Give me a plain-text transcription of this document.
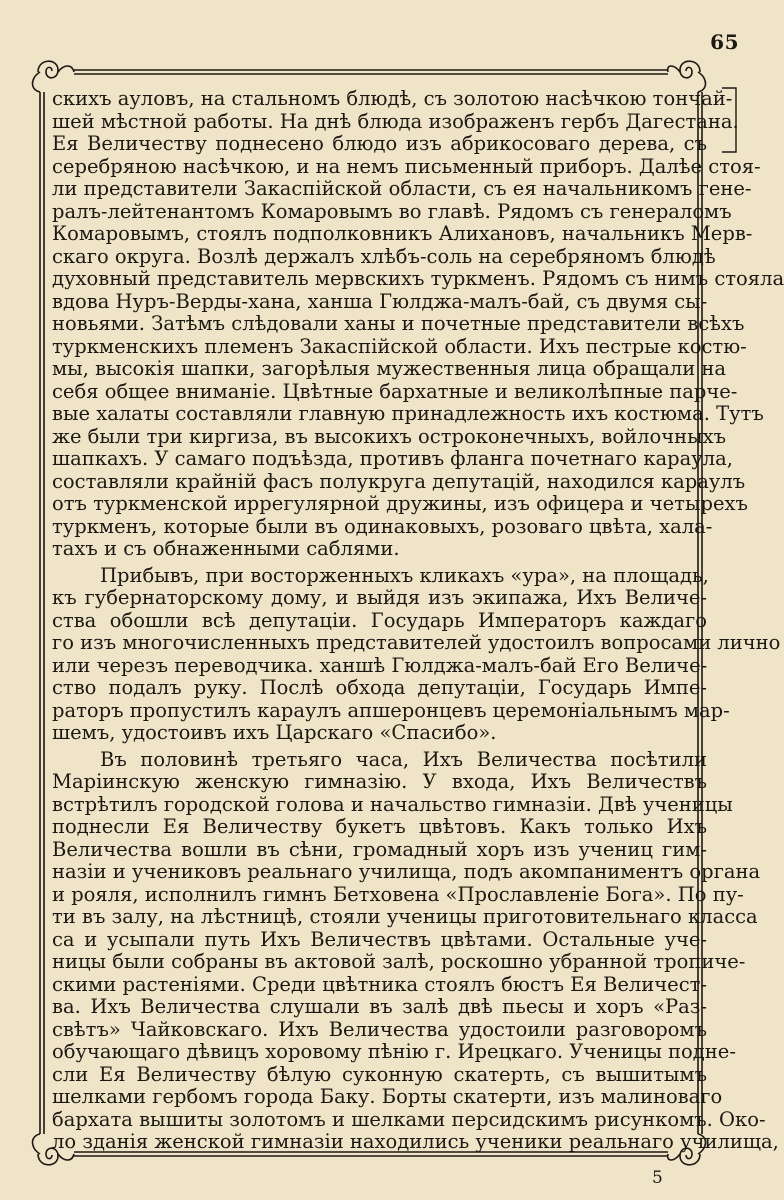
65

скихъ ауловъ, на стальномъ блюдѣ, съ золотою насѣчкою тончай-
шей мѣстной работы. На днѣ блюда изображенъ гербъ Дагестана.
Ея Величеству поднесено блюдо изъ абрикосоваго дерева, съ
серебряною насѣчкою, и на немъ письменный приборъ. Далѣе стоя-
ли представители Закаспійской области, съ ея начальникомъ гене-
ралъ-лейтенантомъ Комаровымъ во главѣ. Рядомъ съ генераломъ
Комаровымъ, стоялъ подполковникъ Алихановъ, начальникъ Мерв-
скаго округа. Возлѣ держалъ хлѣбъ-соль на серебряномъ блюдѣ
духовный представитель мервскихъ туркменъ. Рядомъ съ нимъ стояла
вдова Нуръ-Верды-хана, ханша Гюлджа-малъ-бай, съ двумя сы-
новьями. Затѣмъ слѣдовали ханы и почетные представители всѣхъ
туркменскихъ племенъ Закаспійской области. Ихъ пестрые костю-
мы, высокія шапки, загорѣлыя мужественныя лица обращали на
себя общее вниманіе. Цвѣтные бархатные и великолѣпные парче-
вые халаты составляли главную принадлежность ихъ костюма. Тутъ
же были три киргиза, въ высокихъ остроконечныхъ, войлочныхъ
шапкахъ. У самаго подъѣзда, противъ фланга почетнаго караула,
составляли крайній фасъ полукруга депутацій, находился караулъ
отъ туркменской иррегулярной дружины, изъ офицера и четырехъ
туркменъ, которые были въ одинаковыхъ, розоваго цвѣта, хала-
тахъ и съ обнаженными саблями.

Прибывъ, при восторженныхъ кликахъ «ура», на площадь,
къ губернаторскому дому, и выйдя изъ экипажа, Ихъ Величе-
ства обошли всѣ депутаціи. Государь Императоръ каждаго
го изъ многочисленныхъ представителей удостоилъ вопросами лично
или черезъ переводчика. ханшѣ Гюлджа-малъ-бай Его Величе-
ство подалъ руку. Послѣ обхода депутаціи, Государь Импе-
раторъ пропустилъ караулъ апшеронцевъ церемоніальнымъ мар-
шемъ, удостоивъ ихъ Царскаго «Спасибо».

Въ половинѣ третьяго часа, Ихъ Величества посѣтили
Маріинскую женскую гимназію. У входа, Ихъ Величествъ
встрѣтилъ городской голова и начальство гимназіи. Двѣ ученицы
поднесли Ея Величеству букетъ цвѣтовъ. Какъ только Ихъ
Величества вошли въ сѣни, громадный хоръ изъ учениц гим-
назіи и учениковъ реальнаго училища, подъ акомпаниментъ органа
и рояля, исполнилъ гимнъ Бетховена «Прославленіе Бога». По пу-
ти въ залу, на лѣстницѣ, стояли ученицы приготовительнаго класса
са и усыпали путь Ихъ Величествъ цвѣтами. Остальные уче-
ницы были собраны въ актовой залѣ, роскошно убранной тропиче-
скими растеніями. Среди цвѣтника стоялъ бюстъ Ея Величест-
ва. Ихъ Величества слушали въ залѣ двѣ пьесы и хоръ «Раз-
свѣтъ» Чайковскаго. Ихъ Величества удостоили разговоромъ
обучающаго дѣвицъ хоровому пѣнію г. Ирецкаго. Ученицы подне-
сли Ея Величеству бѣлую суконную скатерть, съ вышитымъ
шелками гербомъ города Баку. Борты скатерти, изъ малиноваго
бархата вышиты золотомъ и шелками персидскимъ рисункомъ. Око-
ло зданія женской гимназіи находились ученики реальнаго училища,

5
